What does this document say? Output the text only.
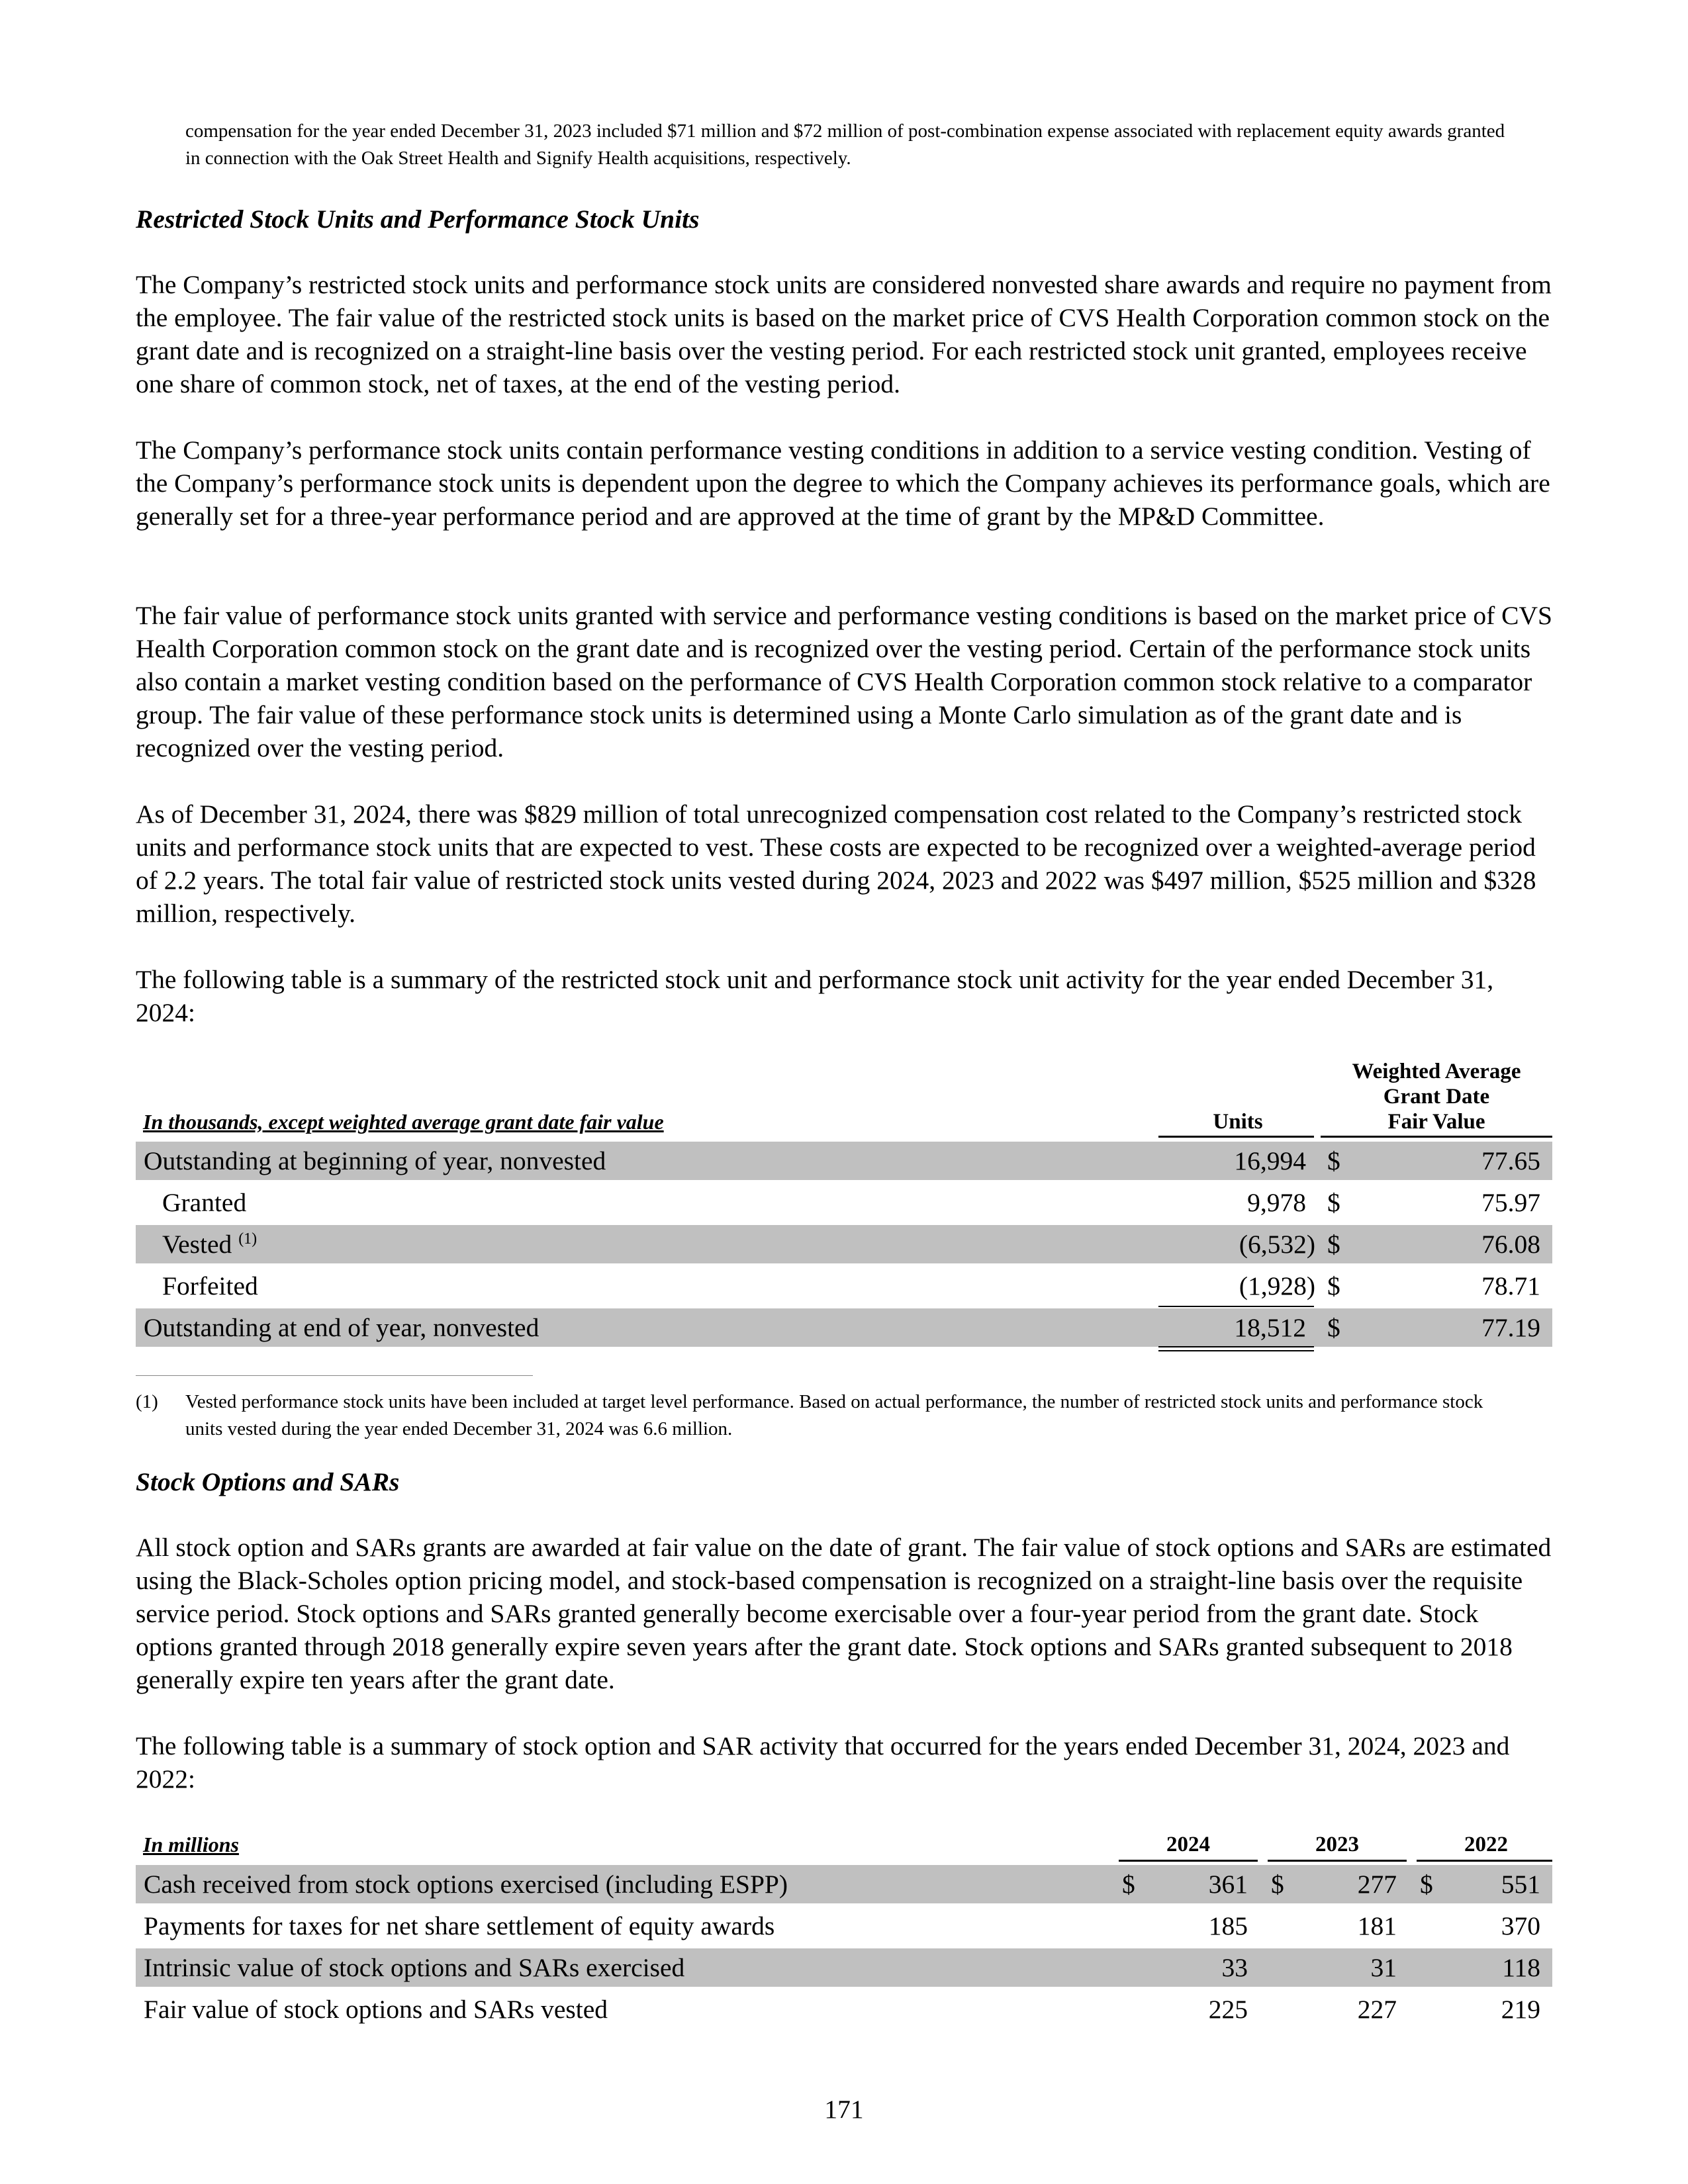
compensation for the year ended December 31, 2023 included $71 million and $72 million of post-combination expense associated with replacement equity awards granted in connection with the Oak Street Health and Signify Health acquisitions, respectively.

Restricted Stock Units and Performance Stock Units

The Company’s restricted stock units and performance stock units are considered nonvested share awards and require no payment from the employee. The fair value of the restricted stock units is based on the market price of CVS Health Corporation common stock on the grant date and is recognized on a straight-line basis over the vesting period. For each restricted stock unit granted, employees receive one share of common stock, net of taxes, at the end of the vesting period.

The Company’s performance stock units contain performance vesting conditions in addition to a service vesting condition. Vesting of the Company’s performance stock units is dependent upon the degree to which the Company achieves its performance goals, which are generally set for a three-year performance period and are approved at the time of grant by the MP&D Committee.

The fair value of performance stock units granted with service and performance vesting conditions is based on the market price of CVS Health Corporation common stock on the grant date and is recognized over the vesting period. Certain of the performance stock units also contain a market vesting condition based on the performance of CVS Health Corporation common stock relative to a comparator group. The fair value of these performance stock units is determined using a Monte Carlo simulation as of the grant date and is recognized over the vesting period.

As of December 31, 2024, there was $829 million of total unrecognized compensation cost related to the Company’s restricted stock units and performance stock units that are expected to vest. These costs are expected to be recognized over a weighted-average period of 2.2 years. The total fair value of restricted stock units vested during 2024, 2023 and 2022 was $497 million, $525 million and $328 million, respectively.

The following table is a summary of the restricted stock unit and performance stock unit activity for the year ended December 31, 2024:

In thousands, except weighted average grant date fair value	Units
Weighted Average
Grant Date
Fair Value
Outstanding at beginning of year, nonvested	16,994 $	77.65
Granted	9,978 $	75.97
Vested $^{(1)}$	(6,532) $	76.08
Forfeited	(1,928) $	78.71
Outstanding at end of year, nonvested	18,512 $	77.19
(1) Vested performance stock units have been included at target level performance. Based on actual performance, the number of restricted stock units and performance stock units vested during the year ended December 31, 2024 was 6.6 million.

Stock Options and SARs

All stock option and SARs grants are awarded at fair value on the date of grant. The fair value of stock options and SARs are estimated using the Black-Scholes option pricing model, and stock-based compensation is recognized on a straight-line basis over the requisite service period. Stock options and SARs granted generally become exercisable over a four-year period from the grant date. Stock options granted through 2018 generally expire seven years after the grant date. Stock options and SARs granted subsequent to 2018 generally expire ten years after the grant date.

The following table is a summary of stock option and SAR activity that occurred for the years ended December 31, 2024, 2023 and 2022:

In millions	2024	2023	2022
Cash received from stock options exercised (including ESPP)	$	361 $	277 $	551
Payments for taxes for net share settlement of equity awards	185	181	370
Intrinsic value of stock options and SARs exercised	33	31	118
Fair value of stock options and SARs vested	225	227	219
171
